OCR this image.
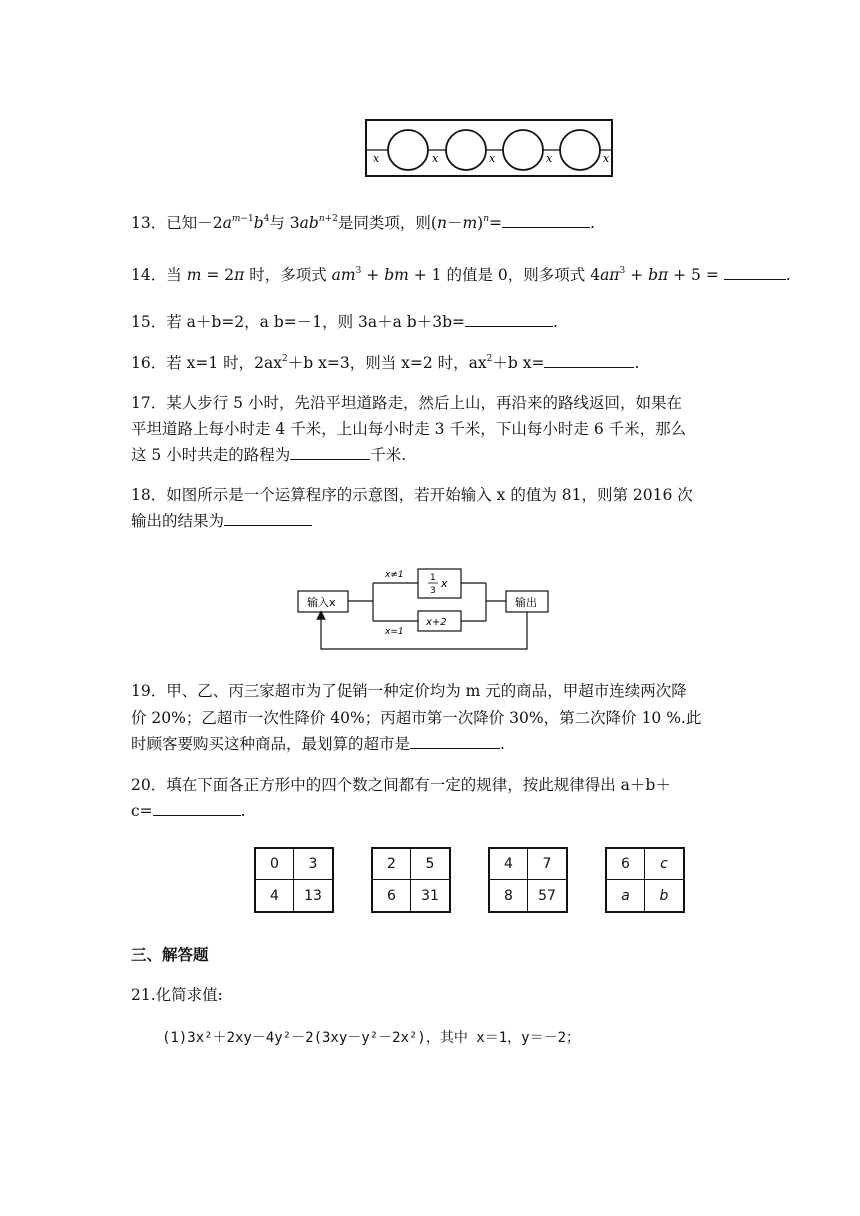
x	x	x	x	x
13．已知$-2a^{m-1}b^4$与 $3ab^{n+2}$是同类项，则$(n-m)^n=$	.
14．当 m = 2π 时，多项式 $am^3$ + bm + 1 的值是 0，则多项式 $4a\pi^3 + b\pi + 5$ =	.
15．若 a＋b=2，a b=－1，则 3a＋a b＋3b=	.
16．若 x=1 时，$2ax^2+b$ x=3，则当 x=2 时，$ax^2+b$ x=	.
17．某人步行 5 小时，先沿平坦道路走，然后上山，再沿来的路线返回，如果在
平坦道路上每小时走 4 千米，上山每小时走 3 千米，下山每小时走 6 千米，那么
这 5 小时共走的路程为	千米.
18．如图所示是一个运算程序的示意图，若开始输入 x 的值为 81，则第 2016 次
输出的结果为
输入x	输出
1
3
x
x+2
x≠1
x=1
19．甲、乙、丙三家超市为了促销一种定价均为 m 元的商品，甲超市连续两次降
价 20%；乙超市一次性降价 40%；丙超市第一次降价 30%，第二次降价 10 %.此
时顾客要购买这种商品，最划算的超市是	.
20．填在下面各正方形中的四个数之间都有一定的规律，按此规律得出 a＋b＋
c=	.
0	3
4	13
2	5
6	31
4	7
8	57
6	c
a	b
三、解答题
21.化简求值:
(1)3x²＋2xy－4y²－2(3xy－y²－2x²)，其中 x＝1，y＝－2；
